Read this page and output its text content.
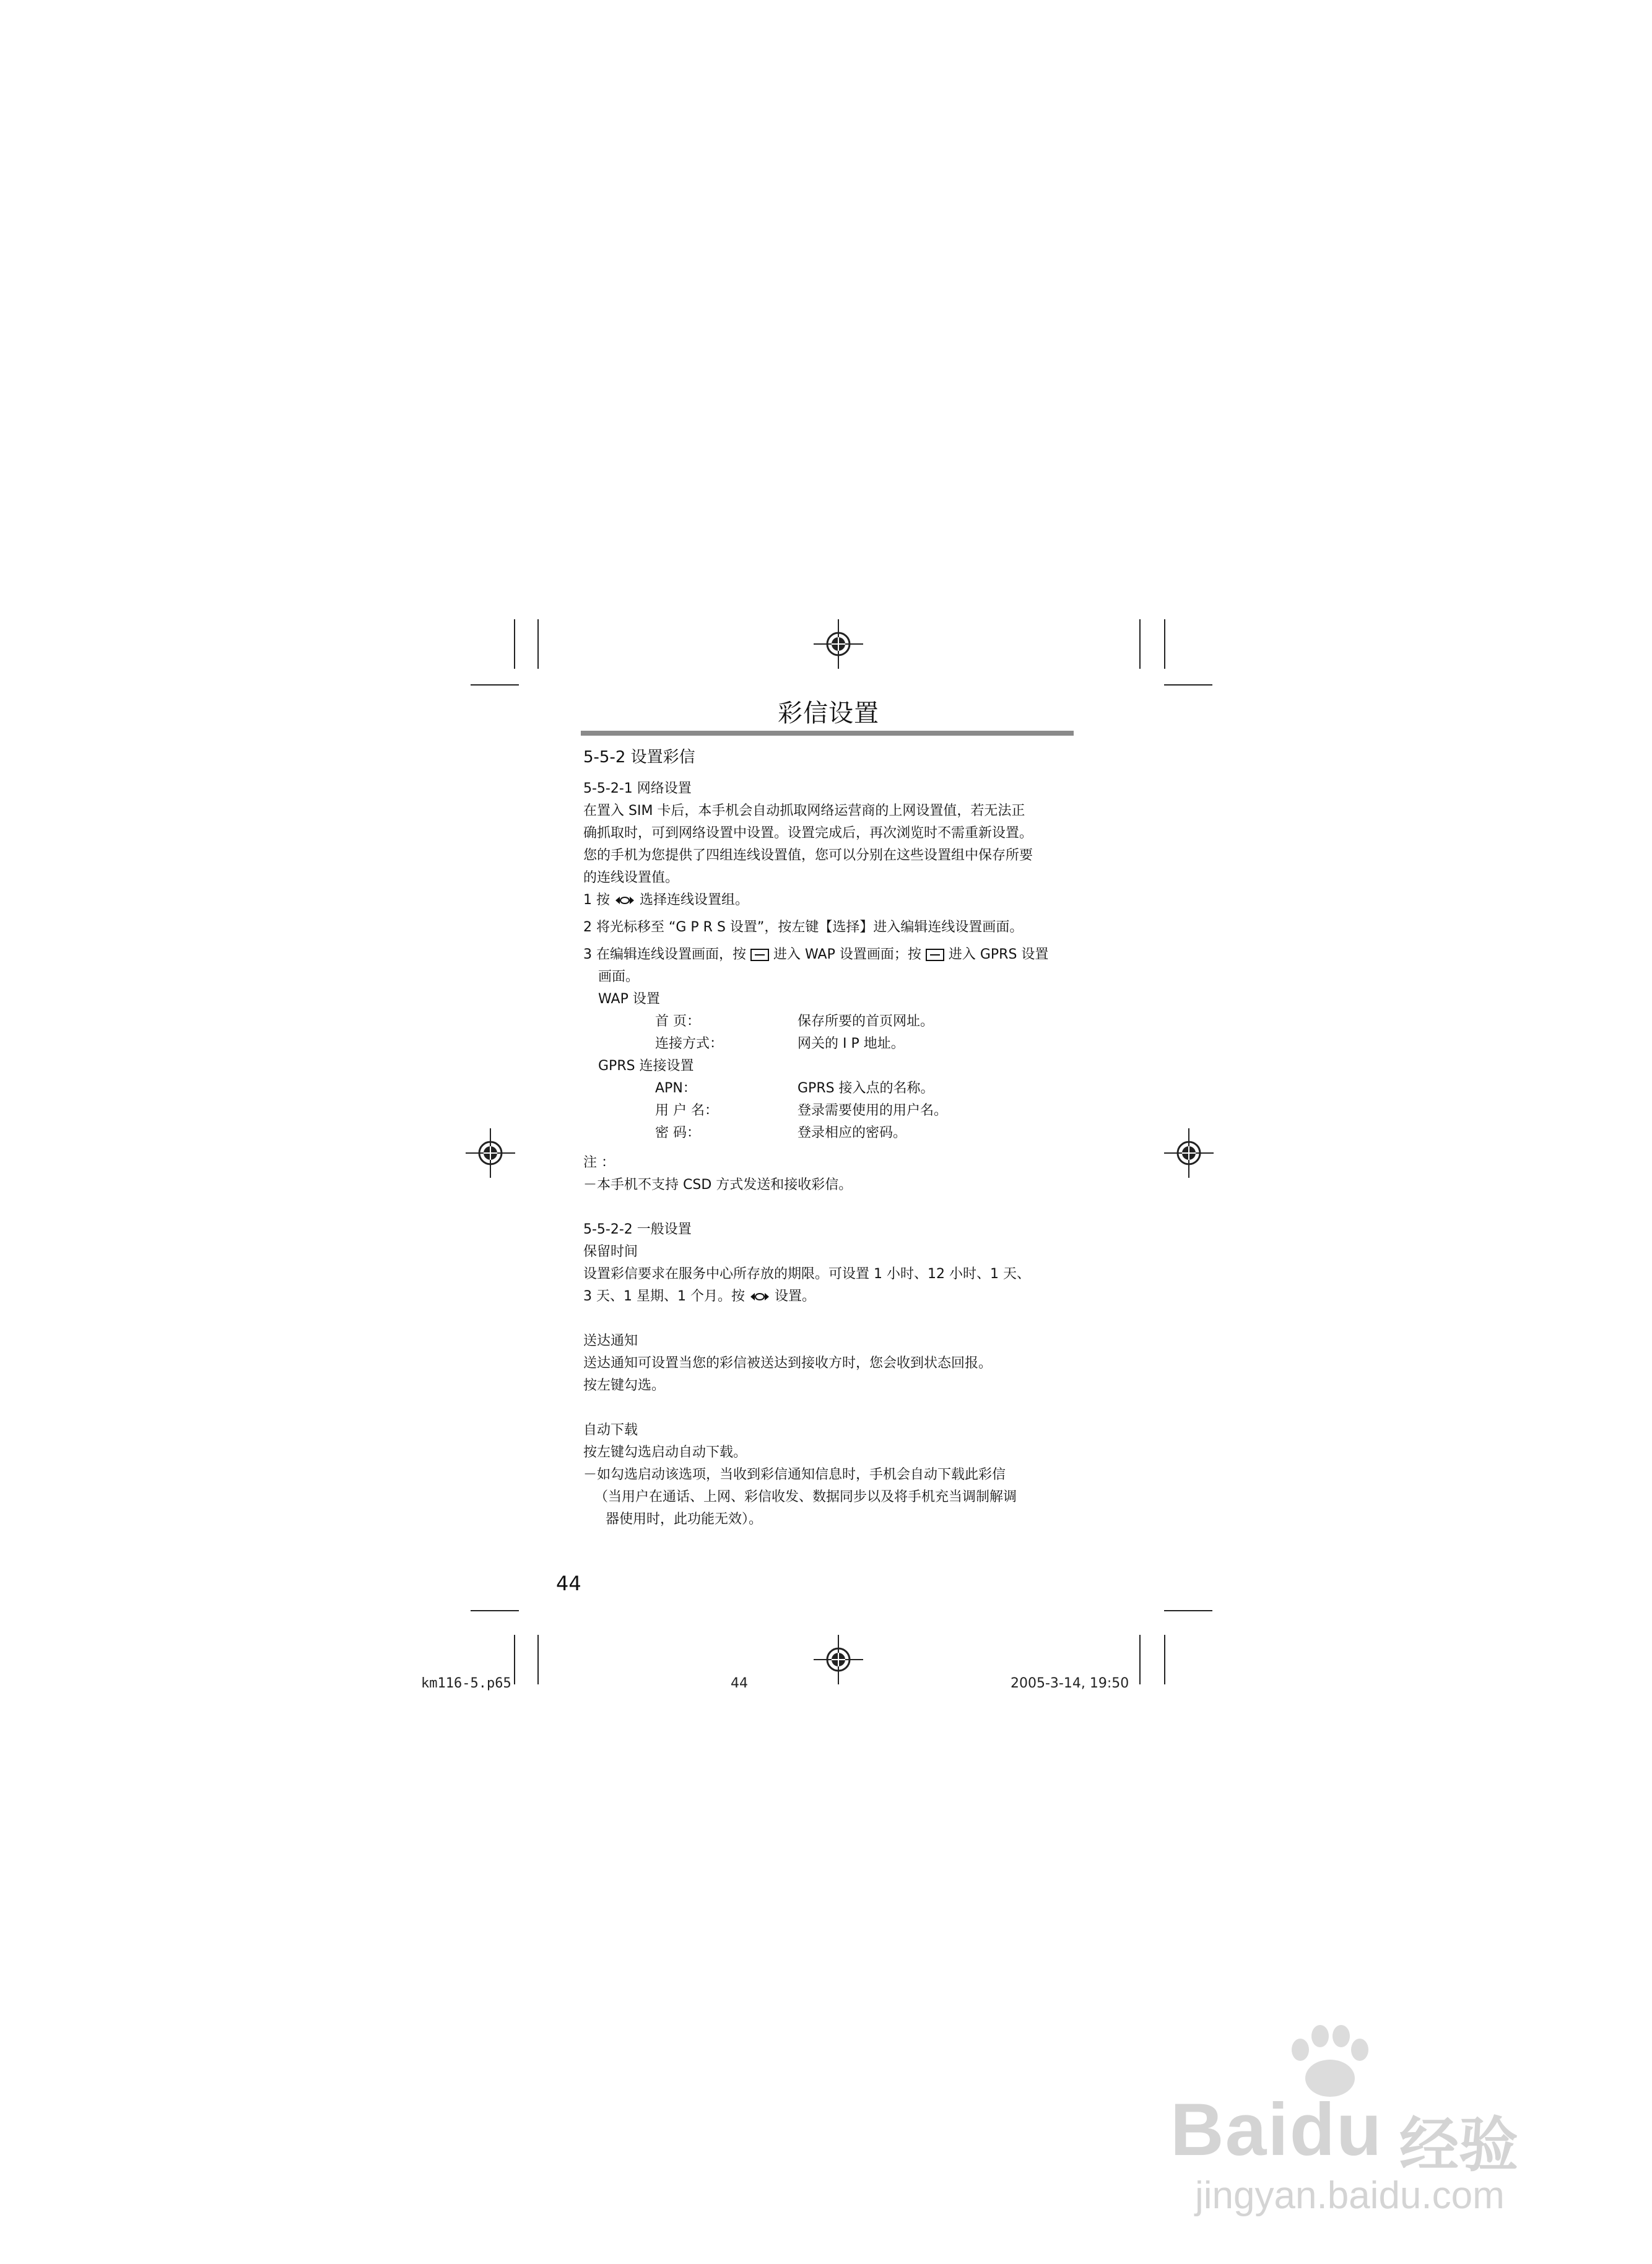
彩信设置
5-5-2 设置彩信
5-5-2-1 网络设置
在置入 SIM 卡后，本手机会自动抓取网络运营商的上网设置值，若无法正
确抓取时，可到网络设置中设置。设置完成后，再次浏览时不需重新设置。
您的手机为您提供了四组连线设置值，您可以分别在这些设置组中保存所要
的连线设置值。
1 按  选择连线设置组。
2 将光标移至 “G P R S 设置”，按左键【选择】进入编辑连线设置画面。
3 在编辑连线设置画面，按 进入 WAP 设置画面；按 进入 GPRS 设置
画面。
WAP 设置
首 页：	保存所要的首页网址。
连接方式：	网关的 I P 地址。
GPRS 连接设置
APN：	GPRS 接入点的名称。
用 户 名：	登录需要使用的用户名。
密 码：	登录相应的密码。
注 ：
－本手机不支持 CSD 方式发送和接收彩信。
5-5-2-2 一般设置
保留时间
设置彩信要求在服务中心所存放的期限。可设置 1 小时、12 小时、1 天、
3 天、1 星期、1 个月。按  设置。
送达通知
送达通知可设置当您的彩信被送达到接收方时，您会收到状态回报。
按左键勾选。
自动下载
按左键勾选启动自动下载。
－如勾选启动该选项，当收到彩信通知信息时，手机会自动下载此彩信
（当用户在通话、上网、彩信收发、数据同步以及将手机充当调制解调
器使用时，此功能无效）。
44
km116-5.p65	44	2005-3-14, 19:50
Baidu 经验
jingyan.baidu.com
